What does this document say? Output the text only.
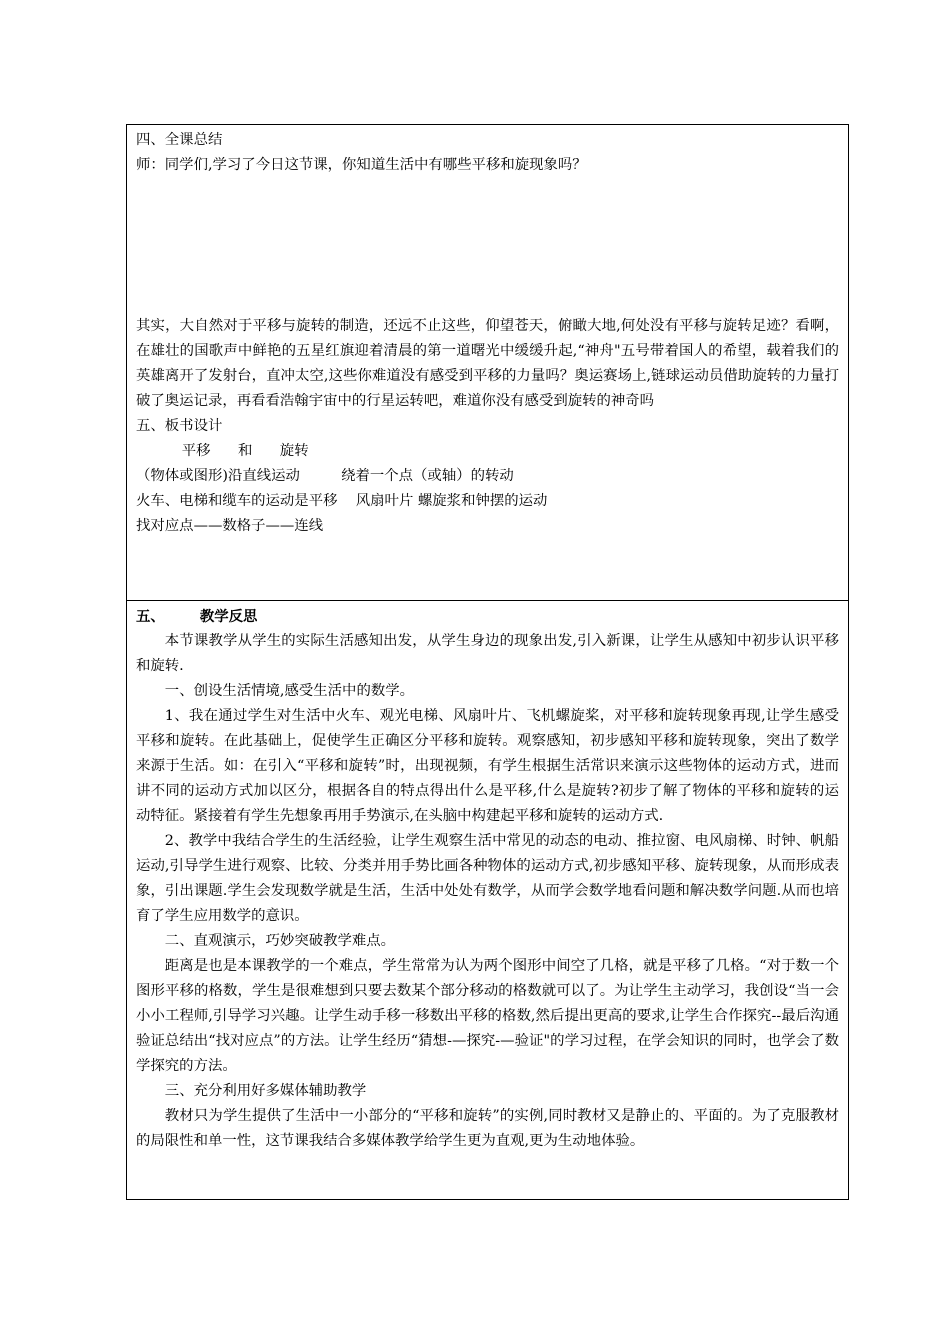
四、全课总结
师：同学们,学习了今日这节课，你知道生活中有哪些平移和旋现象吗？
其实，大自然对于平移与旋转的制造，还远不止这些，仰望苍天，俯瞰大地,何处没有平移与旋转足迹？看啊，在雄壮的国歌声中鲜艳的五星红旗迎着清晨的第一道曙光中缓缓升起,“神舟"五号带着国人的希望，载着我们的英雄离开了发射台，直冲太空,这些你难道没有感受到平移的力量吗？奥运赛场上,链球运动员借助旋转的力量打破了奥运记录，再看看浩翰宇宙中的行星运转吧，难道你没有感受到旋转的神奇吗
五、板书设计
平移      和      旋转
（物体或图形)沿直线运动         绕着一个点（或轴）的转动
火车、电梯和缆车的运动是平移    风扇叶片 螺旋浆和钟摆的运动
找对应点——数格子——连线

五、       教学反思
本节课教学从学生的实际生活感知出发，从学生身边的现象出发,引入新课，让学生从感知中初步认识平移和旋转.
一、创设生活情境,感受生活中的数学。
1、我在通过学生对生活中火车、观光电梯、风扇叶片、飞机螺旋桨，对平移和旋转现象再现,让学生感受平移和旋转。在此基础上，促使学生正确区分平移和旋转。观察感知，初步感知平移和旋转现象，突出了数学来源于生活。如：在引入“平移和旋转”时，出现视频，有学生根据生活常识来演示这些物体的运动方式，进而讲不同的运动方式加以区分，根据各自的特点得出什么是平移,什么是旋转?初步了解了物体的平移和旋转的运动特征。紧接着有学生先想象再用手势演示,在头脑中构建起平移和旋转的运动方式.
2、教学中我结合学生的生活经验，让学生观察生活中常见的动态的电动、推拉窗、电风扇梯、时钟、帆船运动,引导学生进行观察、比较、分类并用手势比画各种物体的运动方式,初步感知平移、旋转现象，从而形成表象，引出课题.学生会发现数学就是生活，生活中处处有数学，从而学会数学地看问题和解决数学问题.从而也培育了学生应用数学的意识。
二、直观演示，巧妙突破教学难点。
距离是也是本课教学的一个难点，学生常常为认为两个图形中间空了几格，就是平移了几格。“对于数一个图形平移的格数，学生是很难想到只要去数某个部分移动的格数就可以了。为让学生主动学习，我创设“当一会小小工程师,引导学习兴趣。让学生动手移一移数出平移的格数,然后提出更高的要求,让学生合作探究--最后沟通验证总结出“找对应点”的方法。让学生经历“猜想-—探究-—验证"的学习过程，在学会知识的同时，也学会了数学探究的方法。
三、充分利用好多媒体辅助教学
教材只为学生提供了生活中一小部分的“平移和旋转”的实例,同时教材又是静止的、平面的。为了克服教材的局限性和单一性，这节课我结合多媒体教学给学生更为直观,更为生动地体验。
